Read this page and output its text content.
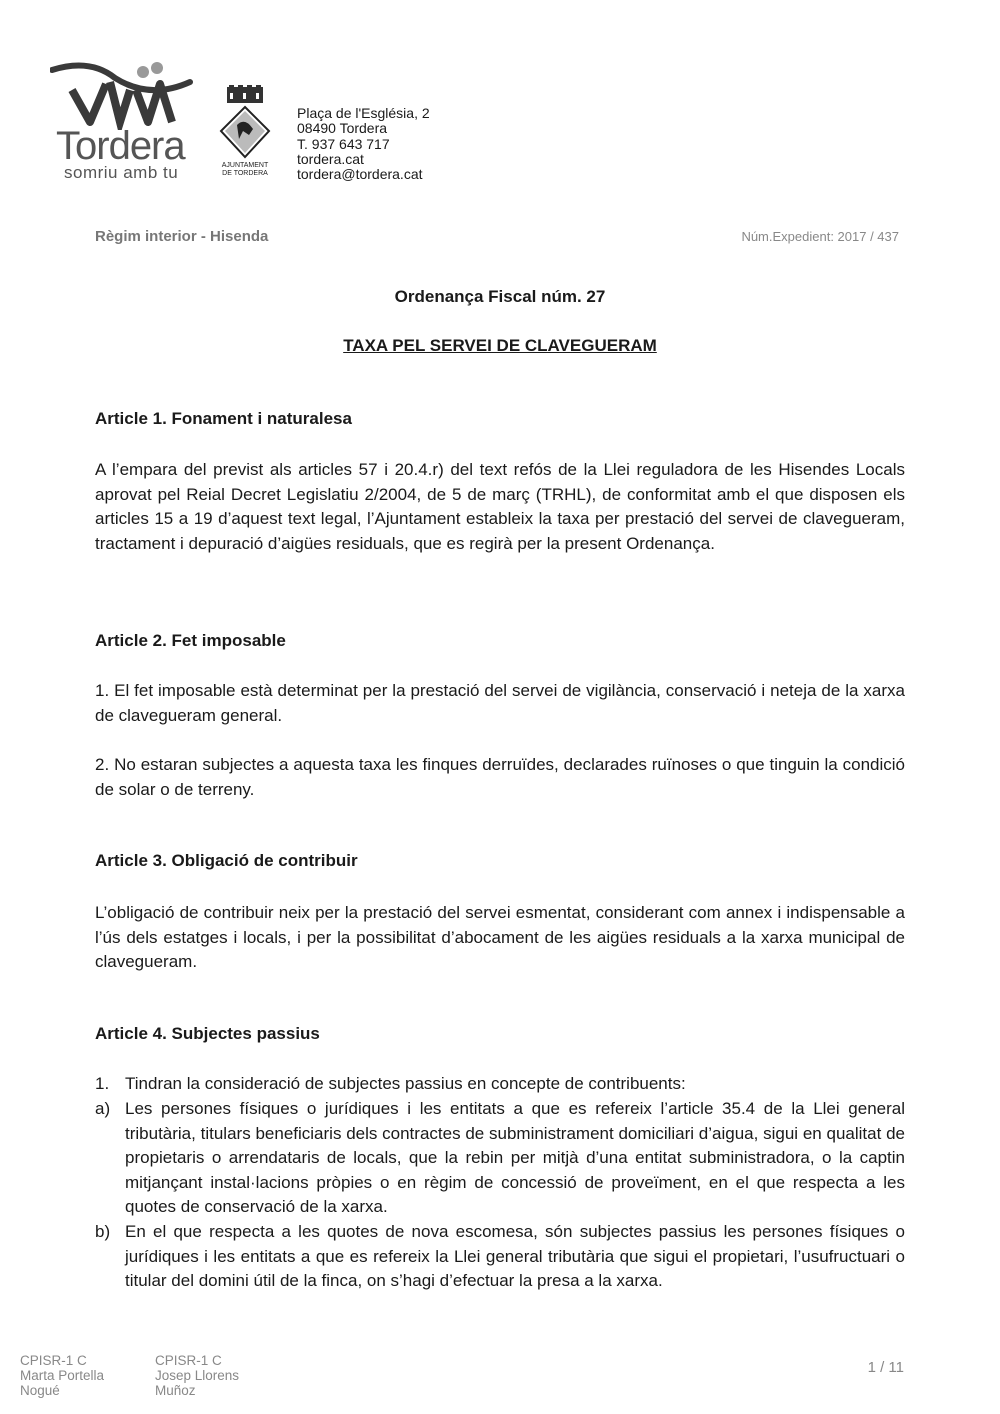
Tordera
somriu amb tu	AJUNTAMENT
DE TORDERA
Plaça de l'Església, 2
08490 Tordera
T. 937 643 717
tordera.cat
tordera@tordera.cat
Règim interior - Hisenda	Núm.Expedient: 2017 / 437
Ordenança Fiscal núm. 27
TAXA PEL SERVEI DE CLAVEGUERAM
Article 1. Fonament i naturalesa
A l’empara del previst als articles 57 i 20.4.r) del text refós de la Llei reguladora de les Hisendes Locals aprovat pel Reial Decret Legislatiu 2/2004, de 5 de març (TRHL), de conformitat amb el que disposen els articles 15 a 19 d’aquest text legal, l’Ajuntament estableix la taxa per prestació del servei de clavegueram, tractament i depuració d’aigües residuals, que es regirà per la present Ordenança.
Article 2. Fet imposable
1. El fet imposable està determinat per la prestació del servei de vigilància, conservació i neteja de la xarxa de clavegueram general.
2. No estaran subjectes a aquesta taxa les finques derruïdes, declarades ruïnoses o que tinguin la condició de solar o de terreny.
Article 3. Obligació de contribuir
L’obligació de contribuir neix per la prestació del servei esmentat, considerant com annex i indispensable a l’ús dels estatges i locals, i per la possibilitat d’abocament de les aigües residuals a la xarxa municipal de clavegueram.
Article 4. Subjectes passius
1. Tindran la consideració de subjectes passius en concepte de contribuents:
a) Les persones físiques o jurídiques i les entitats a que es refereix l’article 35.4 de la Llei general tributària, titulars beneficiaris dels contractes de subministrament domiciliari d’aigua, sigui en qualitat de propietaris o arrendataris de locals, que la rebin per mitjà d’una entitat subministradora, o la captin mitjançant instal·lacions pròpies o en règim de concessió de proveïment, en el que respecta a les quotes de conservació de la xarxa.
b) En el que respecta a les quotes de nova escomesa, són subjectes passius les persones físiques o jurídiques i les entitats a que es refereix la Llei general tributària que sigui el propietari, l’usufructuari o titular del domini útil de la finca, on s’hagi d’efectuar la presa a la xarxa.
CPISR-1 C
Marta Portella
Nogué
CPISR-1 C
Josep Llorens
Muñoz
1 / 11
